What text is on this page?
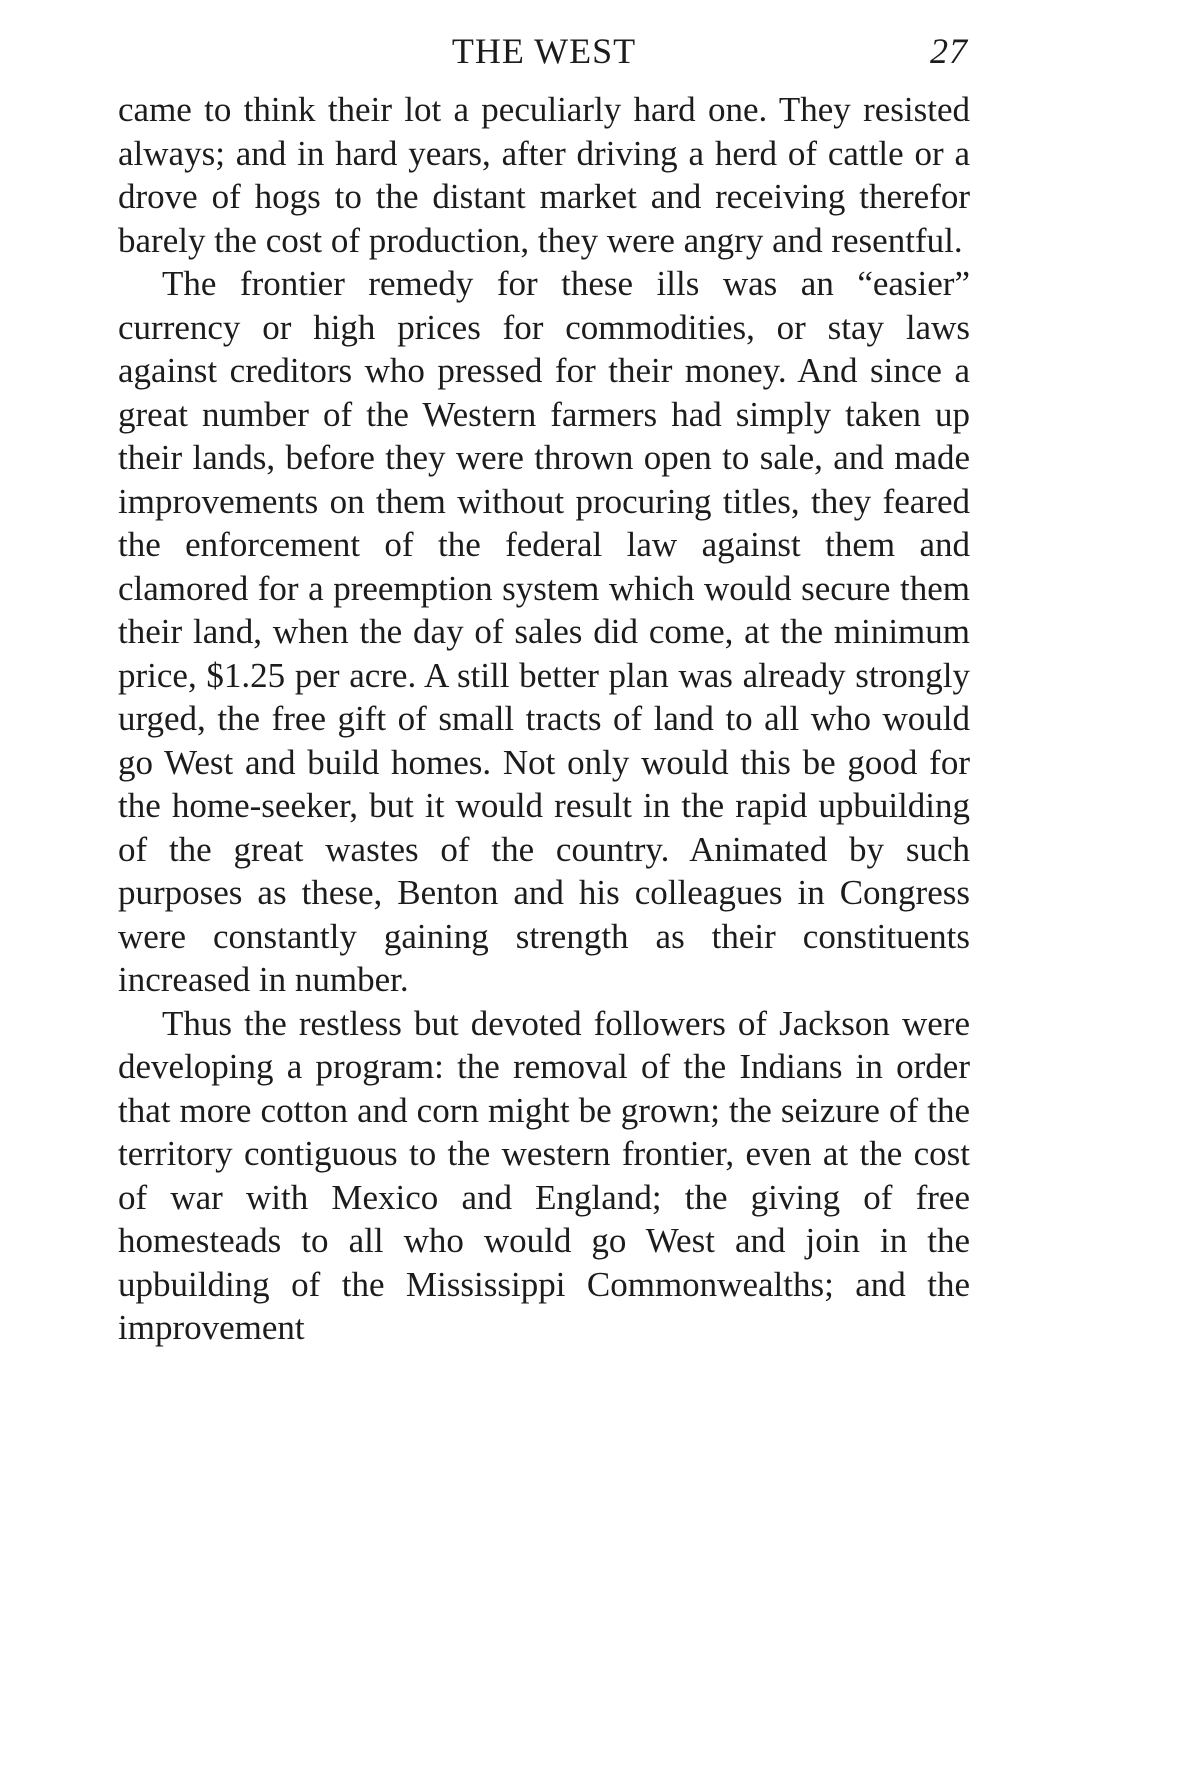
THE WEST	27

came to think their lot a peculiarly hard one. They resisted always; and in hard years, after driving a herd of cattle or a drove of hogs to the distant market and receiving therefor barely the cost of production, they were angry and resentful.

The frontier remedy for these ills was an “easier” currency or high prices for commodities, or stay laws against creditors who pressed for their money. And since a great number of the Western farmers had simply taken up their lands, before they were thrown open to sale, and made improvements on them without procuring titles, they feared the enforcement of the federal law against them and clamored for a preemption system which would secure them their land, when the day of sales did come, at the minimum price, $1.25 per acre. A still better plan was already strongly urged, the free gift of small tracts of land to all who would go West and build homes. Not only would this be good for the home-seeker, but it would result in the rapid upbuilding of the great wastes of the country. Animated by such purposes as these, Benton and his colleagues in Congress were constantly gaining strength as their constituents increased in number.

Thus the restless but devoted followers of Jackson were developing a program: the removal of the Indians in order that more cotton and corn might be grown; the seizure of the territory contiguous to the western frontier, even at the cost of war with Mexico and England; the giving of free homesteads to all who would go West and join in the upbuilding of the Mississippi Commonwealths; and the improvement
